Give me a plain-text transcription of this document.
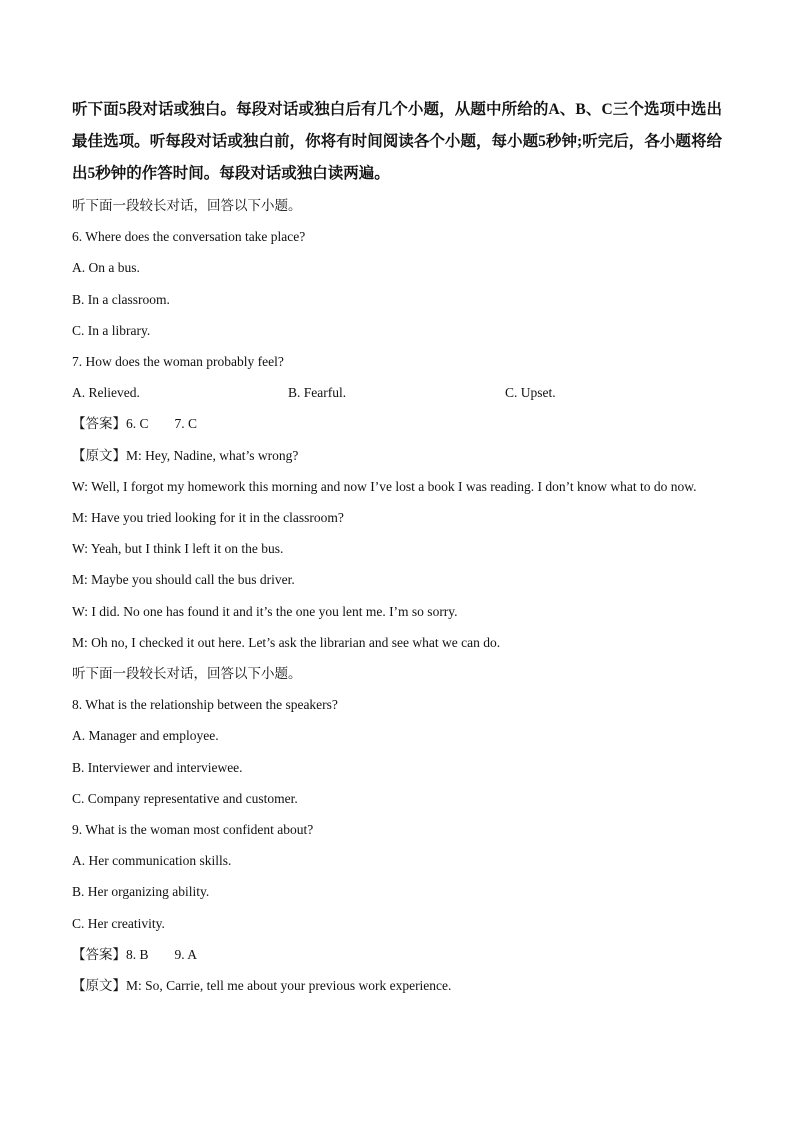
听下面5段对话或独白。每段对话或独白后有几个小题，从题中所给的A、B、C三个选项中选出最佳选项。听每段对话或独白前，你将有时间阅读各个小题，每小题5秒钟;听完后，各小题将给出5秒钟的作答时间。每段对话或独白读两遍。

听下面一段较长对话，回答以下小题。

6. Where does the conversation take place?

A. On a bus.

B. In a classroom.

C. In a library.

7. How does the woman probably feel?

A. Relieved.	B. Fearful.	C. Upset.

【答案】6. C 7. C

【原文】M: Hey, Nadine, what’s wrong?

W: Well, I forgot my homework this morning and now I’ve lost a book I was reading. I don’t know what to do now.

M: Have you tried looking for it in the classroom?

W: Yeah, but I think I left it on the bus.

M: Maybe you should call the bus driver.

W: I did. No one has found it and it’s the one you lent me. I’m so sorry.

M: Oh no, I checked it out here. Let’s ask the librarian and see what we can do.

听下面一段较长对话，回答以下小题。

8. What is the relationship between the speakers?

A. Manager and employee.

B. Interviewer and interviewee.

C. Company representative and customer.

9. What is the woman most confident about?

A. Her communication skills.

B. Her organizing ability.

C. Her creativity.

【答案】8. B 9. A

【原文】M: So, Carrie, tell me about your previous work experience.
